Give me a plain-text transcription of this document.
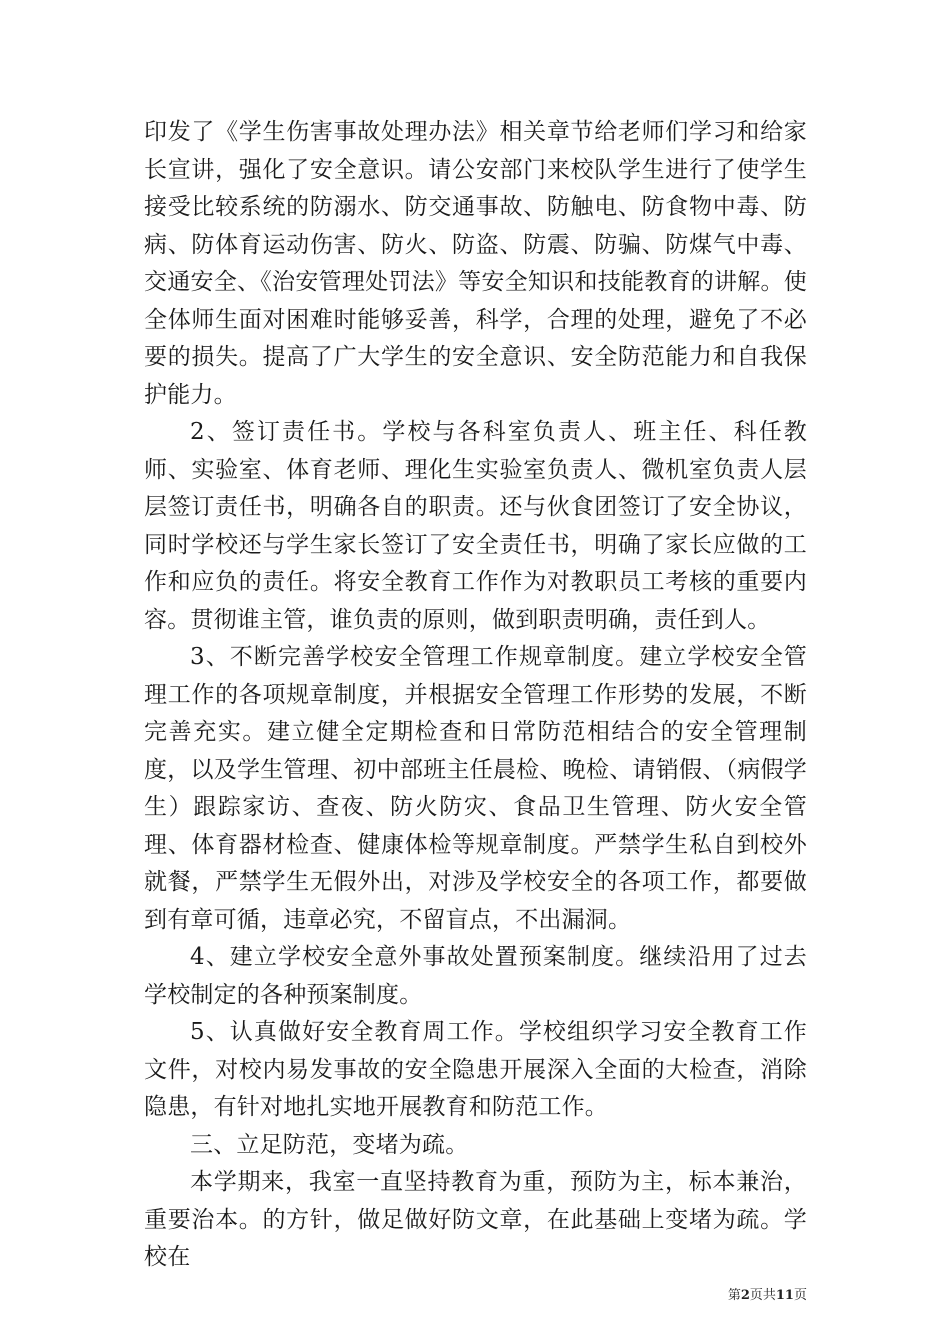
印发了《学生伤害事故处理办法》相关章节给老师们学习和给家长宣讲，强化了安全意识。请公安部门来校队学生进行了使学生接受比较系统的防溺水、防交通事故、防触电、防食物中毒、防病、防体育运动伤害、防火、防盗、防震、防骗、防煤气中毒、交通安全、《治安管理处罚法》等安全知识和技能教育的讲解。使全体师生面对困难时能够妥善，科学，合理的处理，避免了不必要的损失。提高了广大学生的安全意识、安全防范能力和自我保护能力。

2、签订责任书。学校与各科室负责人、班主任、科任教师、实验室、体育老师、理化生实验室负责人、微机室负责人层层签订责任书，明确各自的职责。还与伙食团签订了安全协议，同时学校还与学生家长签订了安全责任书，明确了家长应做的工作和应负的责任。将安全教育工作作为对教职员工考核的重要内容。贯彻谁主管，谁负责的原则，做到职责明确，责任到人。

3、不断完善学校安全管理工作规章制度。建立学校安全管理工作的各项规章制度，并根据安全管理工作形势的发展，不断完善充实。建立健全定期检查和日常防范相结合的安全管理制度，以及学生管理、初中部班主任晨检、晚检、请销假、（病假学生）跟踪家访、查夜、防火防灾、食品卫生管理、防火安全管理、体育器材检查、健康体检等规章制度。严禁学生私自到校外就餐，严禁学生无假外出，对涉及学校安全的各项工作，都要做到有章可循，违章必究，不留盲点，不出漏洞。

4、建立学校安全意外事故处置预案制度。继续沿用了过去学校制定的各种预案制度。

5、认真做好安全教育周工作。学校组织学习安全教育工作文件，对校内易发事故的安全隐患开展深入全面的大检查，消除隐患，有针对地扎实地开展教育和防范工作。

三、立足防范，变堵为疏。

本学期来，我室一直坚持教育为重，预防为主，标本兼治，重要治本。的方针，做足做好防文章，在此基础上变堵为疏。学校在

第2页共11页
